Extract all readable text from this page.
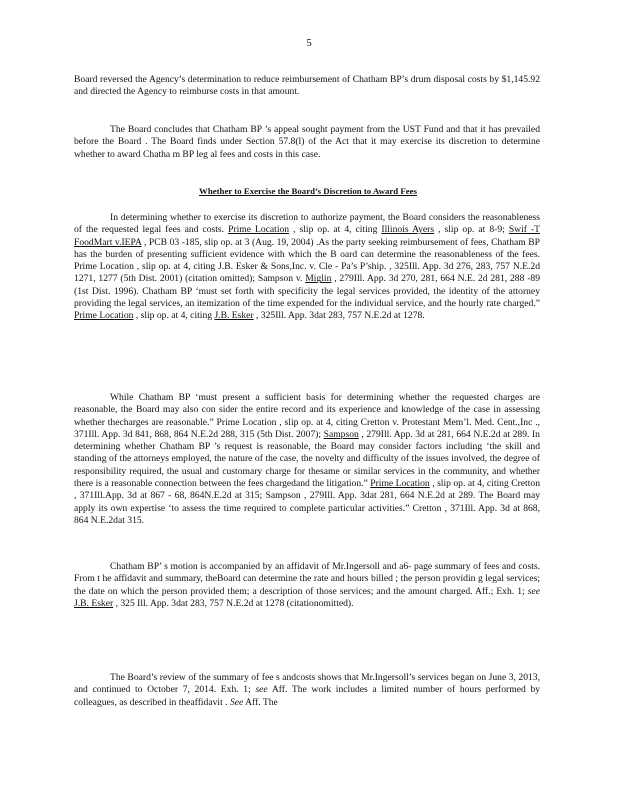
5

Board reversed the Agency’s determination to reduce reimbursement of Chatham BP’s drum disposal costs by $1,145.92 and directed the Agency to reimburse costs in that amount.

The Board concludes that Chatham BP ’s appeal sought payment from the UST Fund and that it has prevailed before the Board . The Board finds under Section 57.8(l) of the Act that it may exercise its discretion to determine whether to award Chatha m BP leg al fees and costs in this case.

Whether to Exercise the Board’s Discretion to Award Fees

In determining whether to exercise its discretion to authorize payment, the Board considers the reasonableness of the requested legal fees and costs. Prime Location , slip op. at 4, citing Illinois Ayers , slip op. at 8-9; Swif -T FoodMart v.IEPA , PCB 03 -185, slip op. at 3 (Aug. 19, 2004) .As the party seeking reimbursement of fees, Chatham BP has the burden of presenting sufficient evidence with which the B oard can determine the reasonableness of the fees. Prime Location , slip op. at 4, citing J.B. Esker & Sons,Inc. v. Cle - Pa’s P’ship. , 325Ill. App. 3d 276, 283, 757 N.E.2d 1271, 1277 (5th Dist. 2001) (citation omitted); Sampson v. Miglin , 279Ill. App. 3d 270, 281, 664 N.E. 2d 281, 288 -89 (1st Dist. 1996). Chatham BP ‘must set forth with specificity the legal services provided, the identity of the attorney providing the legal services, an itemization of the time expended for the individual service, and the hourly rate charged.” Prime Location , slip op. at 4, citing J.B. Esker , 325Ill. App. 3dat 283, 757 N.E.2d at 1278.

While Chatham BP ‘must present a sufficient basis for determining whether the requested charges are reasonable, the Board may also con sider the entire record and its experience and knowledge of the case in assessing whether thecharges are reasonable.” Prime Location , slip op. at 4, citing Cretton v. Protestant Mem’l. Med. Cent.,Inc ., 371Ill. App. 3d 841, 868, 864 N.E.2d 288, 315 (5th Dist. 2007); Sampson , 279Ill. App. 3d at 281, 664 N.E.2d at 289. In determining whether Chatham BP ’s request is reasonable, the Board may consider factors including ‘the skill and standing of the attorneys employed, the nature of the case, the novelty and difficulty of the issues involved, the degree of responsibility required, the usual and customary charge for thesame or similar services in the community, and whether there is a reasonable connection between the fees chargedand the litigation.” Prime Location , slip op. at 4, citing Cretton , 371Ill.App. 3d at 867 - 68, 864N.E.2d at 315; Sampson , 279Ill. App. 3dat 281, 664 N.E.2d at 289. The Board may apply its own expertise ‘to assess the time required to complete particular activities.” Cretton , 371Ill. App. 3d at 868, 864 N.E.2dat 315.

Chatham BP’ s motion is accompanied by an affidavit of Mr.Ingersoll and a6- page summary of fees and costs. From t he affidavit and summary, theBoard can determine the rate and hours billed ; the person providin g legal services; the date on which the person provided them; a description of those services; and the amount charged. Aff.; Exh. 1; see J.B. Esker , 325 Ill. App. 3dat 283, 757 N.E.2d at 1278 (citationomitted).

The Board’s review of the summary of fee s andcosts shows that Mr.Ingersoll’s services began on June 3, 2013, and continued to October 7, 2014. Exh. 1; see Aff. The work includes a limited number of hours performed by colleagues, as described in theaffidavit . See Aff. The
